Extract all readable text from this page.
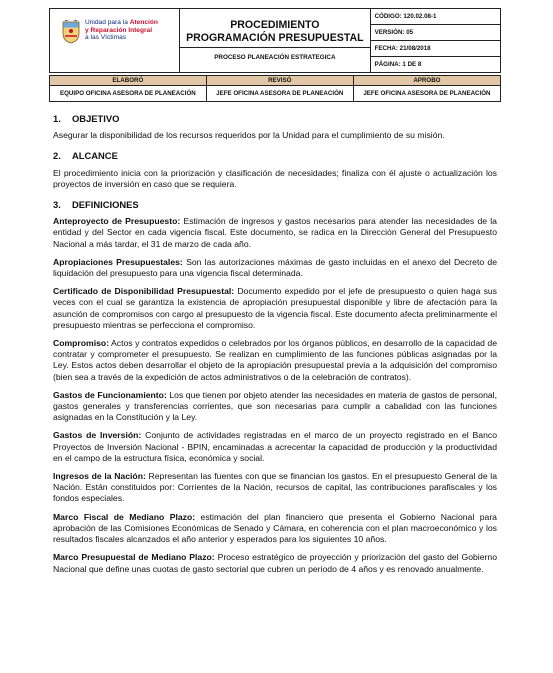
Unidad para la Atención
y Reparación Integral
a las Víctimas

PROCEDIMIENTO PROGRAMACIÓN PRESUPUESTAL
PROCESO PLANEACIÓN ESTRATEGICA

CÓDIGO: 120.02.08-1
VERSIÓN: 05
FECHA: 21/08/2018
PÁGINA: 1 DE 8

ELABORÓ	REVISÓ	APROBO
EQUIPO OFICINA ASESORA DE PLANEACIÓN	JEFE OFICINA ASESORA DE PLANEACIÓN	JEFE OFICINA ASESORA DE PLANEACIÓN
1.	OBJETIVO

Asegurar la disponibilidad de los recursos requeridos por la Unidad para el cumplimiento de su misión.

2.	ALCANCE

El procedimiento inicia con la priorización y clasificación de necesidades; finaliza con él ajuste o actualización los proyectos de inversión en caso que se requiera.

3.	DEFINICIONES

Anteproyecto de Presupuesto: Estimación de ingresos y gastos necesarios para atender las necesidades de la entidad y del Sector en cada vigencia fiscal. Este documento, se radica en la Dirección General del Presupuesto Nacional a más tardar, el 31 de marzo de cada año.

Apropiaciones Presupuestales: Son las autorizaciones máximas de gasto incluidas en el anexo del Decreto de liquidación del presupuesto para una vigencia fiscal determinada.

Certificado de Disponibilidad Presupuestal: Documento expedido por el jefe de presupuesto o quien haga sus veces con el cual se garantiza la existencia de apropiación presupuestal disponible y libre de afectación para la asunción de compromisos con cargo al presupuesto de la vigencia fiscal. Este documento afecta preliminarmente el presupuesto mientras se perfecciona el compromiso.

Compromiso: Actos y contratos expedidos o celebrados por los órganos públicos, en desarrollo de la capacidad de contratar y comprometer el presupuesto. Se realizan en cumplimiento de las funciones públicas asignadas por la Ley. Estos actos deben desarrollar el objeto de la apropiación presupuestal previa a la adquisición del compromiso (bien sea a través de la expedición de actos administrativos o de la celebración de contratos).

Gastos de Funcionamiento: Los que tienen por objeto atender las necesidades en materia de gastos de personal, gastos generales y transferencias corrientes, que son necesarias para cumplir a cabalidad con las funciones asignadas en la Constitución y la Ley.

Gastos de Inversión: Conjunto de actividades registradas en el marco de un proyecto registrado en el Banco Proyectos de Inversión Nacional - BPIN, encaminadas a acrecentar la capacidad de producción y la productividad en el campo de la estructura física, económica y social.

Ingresos de la Nación: Representan las fuentes con que se financian los gastos. En el presupuesto General de la Nación. Están constituidos por: Corrientes de la Nación, recursos de capital, las contribuciones parafiscales y los fondos especiales.

Marco Fiscal de Mediano Plazo: estimación del plan financiero que presenta el Gobierno Nacional para aprobación de las Comisiones Económicas de Senado y Cámara, en coherencia con el plan macroeconómico y los resultados fiscales alcanzados el año anterior y esperados para los siguientes 10 años.

Marco Presupuestal de Mediano Plazo: Proceso estratégico de proyección y priorización del gasto del Gobierno Nacional que define unas cuotas de gasto sectorial que cubren un periodo de 4 años y es renovado anualmente.
